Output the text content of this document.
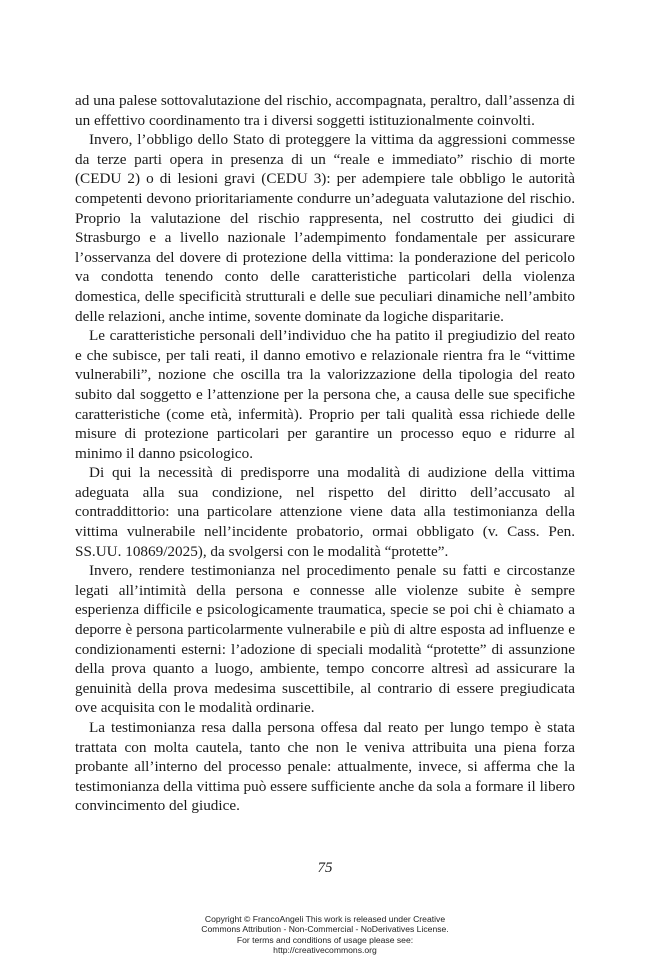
ad una palese sottovalutazione del rischio, accompagnata, peraltro, dall’assenza di un effettivo coordinamento tra i diversi soggetti istituzionalmente coinvolti.

Invero, l’obbligo dello Stato di proteggere la vittima da aggressioni commesse da terze parti opera in presenza di un “reale e immediato” rischio di morte (CEDU 2) o di lesioni gravi (CEDU 3): per adempiere tale obbligo le autorità competenti devono prioritariamente condurre un’adeguata valutazione del rischio. Proprio la valutazione del rischio rappresenta, nel costrutto dei giudici di Strasburgo e a livello nazionale l’adempimento fondamentale per assicurare l’osservanza del dovere di protezione della vittima: la ponderazione del pericolo va condotta tenendo conto delle caratteristiche particolari della violenza domestica, delle specificità strutturali e delle sue peculiari dinamiche nell’ambito delle relazioni, anche intime, sovente dominate da logiche disparitarie.

Le caratteristiche personali dell’individuo che ha patito il pregiudizio del reato e che subisce, per tali reati, il danno emotivo e relazionale rientra fra le “vittime vulnerabili”, nozione che oscilla tra la valorizzazione della tipologia del reato subito dal soggetto e l’attenzione per la persona che, a causa delle sue specifiche caratteristiche (come età, infermità). Proprio per tali qualità essa richiede delle misure di protezione particolari per garantire un processo equo e ridurre al minimo il danno psicologico.

Di qui la necessità di predisporre una modalità di audizione della vittima adeguata alla sua condizione, nel rispetto del diritto dell’accusato al contraddittorio: una particolare attenzione viene data alla testimonianza della vittima vulnerabile nell’incidente probatorio, ormai obbligato (v. Cass. Pen. SS.UU. 10869/2025), da svolgersi con le modalità “protette”.

Invero, rendere testimonianza nel procedimento penale su fatti e circostanze legati all’intimità della persona e connesse alle violenze subite è sempre esperienza difficile e psicologicamente traumatica, specie se poi chi è chiamato a deporre è persona particolarmente vulnerabile e più di altre esposta ad influenze e condizionamenti esterni: l’adozione di speciali modalità “protette” di assunzione della prova quanto a luogo, ambiente, tempo concorre altresì ad assicurare la genuinità della prova medesima suscettibile, al contrario di essere pregiudicata ove acquisita con le modalità ordinarie.

La testimonianza resa dalla persona offesa dal reato per lungo tempo è stata trattata con molta cautela, tanto che non le veniva attribuita una piena forza probante all’interno del processo penale: attualmente, invece, si afferma che la testimonianza della vittima può essere sufficiente anche da sola a formare il libero convincimento del giudice.

75
Copyright © FrancoAngeli This work is released under Creative
Commons Attribution - Non-Commercial - NoDerivatives License.
For terms and conditions of usage please see:
http://creativecommons.org
